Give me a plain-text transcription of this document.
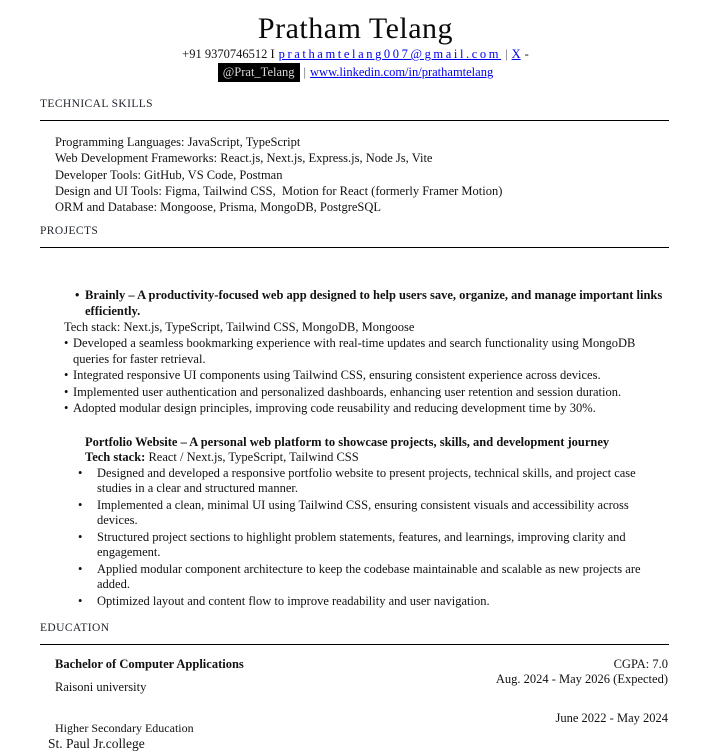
Pratham Telang
+91 9370746512 I prathamtelang007@gmail.com | X -
@Prat_Telang | www.linkedin.com/in/prathamtelang
TECHNICAL SKILLS
Programming Languages: JavaScript, TypeScript
Web Development Frameworks: React.js, Next.js, Express.js, Node Js, Vite
Developer Tools: GitHub, VS Code, Postman
Design and UI Tools: Figma, Tailwind CSS,  Motion for React (formerly Framer Motion)
ORM and Database: Mongoose, Prisma, MongoDB, PostgreSQL
PROJECTS
• Brainly – A productivity-focused web app designed to help users save, organize, and manage important links efficiently.
Tech stack: Next.js, TypeScript, Tailwind CSS, MongoDB, Mongoose
• Developed a seamless bookmarking experience with real-time updates and search functionality using MongoDB queries for faster retrieval.
• Integrated responsive UI components using Tailwind CSS, ensuring consistent experience across devices.
• Implemented user authentication and personalized dashboards, enhancing user retention and session duration.
• Adopted modular design principles, improving code reusability and reducing development time by 30%.
Portfolio Website – A personal web platform to showcase projects, skills, and development journey
Tech stack: React / Next.js, TypeScript, Tailwind CSS
•	Designed and developed a responsive portfolio website to present projects, technical skills, and project case studies in a clear and structured manner.
•	Implemented a clean, minimal UI using Tailwind CSS, ensuring consistent visuals and accessibility across devices.
•	Structured project sections to highlight problem statements, features, and learnings, improving clarity and engagement.
•	Applied modular component architecture to keep the codebase maintainable and scalable as new projects are added.
•	Optimized layout and content flow to improve readability and user navigation.
EDUCATION
Bachelor of Computer Applications
Raisoni university
CGPA: 7.0
Aug. 2024 - May 2026 (Expected)
Higher Secondary Education
St. Paul Jr.college
June 2022 - May 2024
